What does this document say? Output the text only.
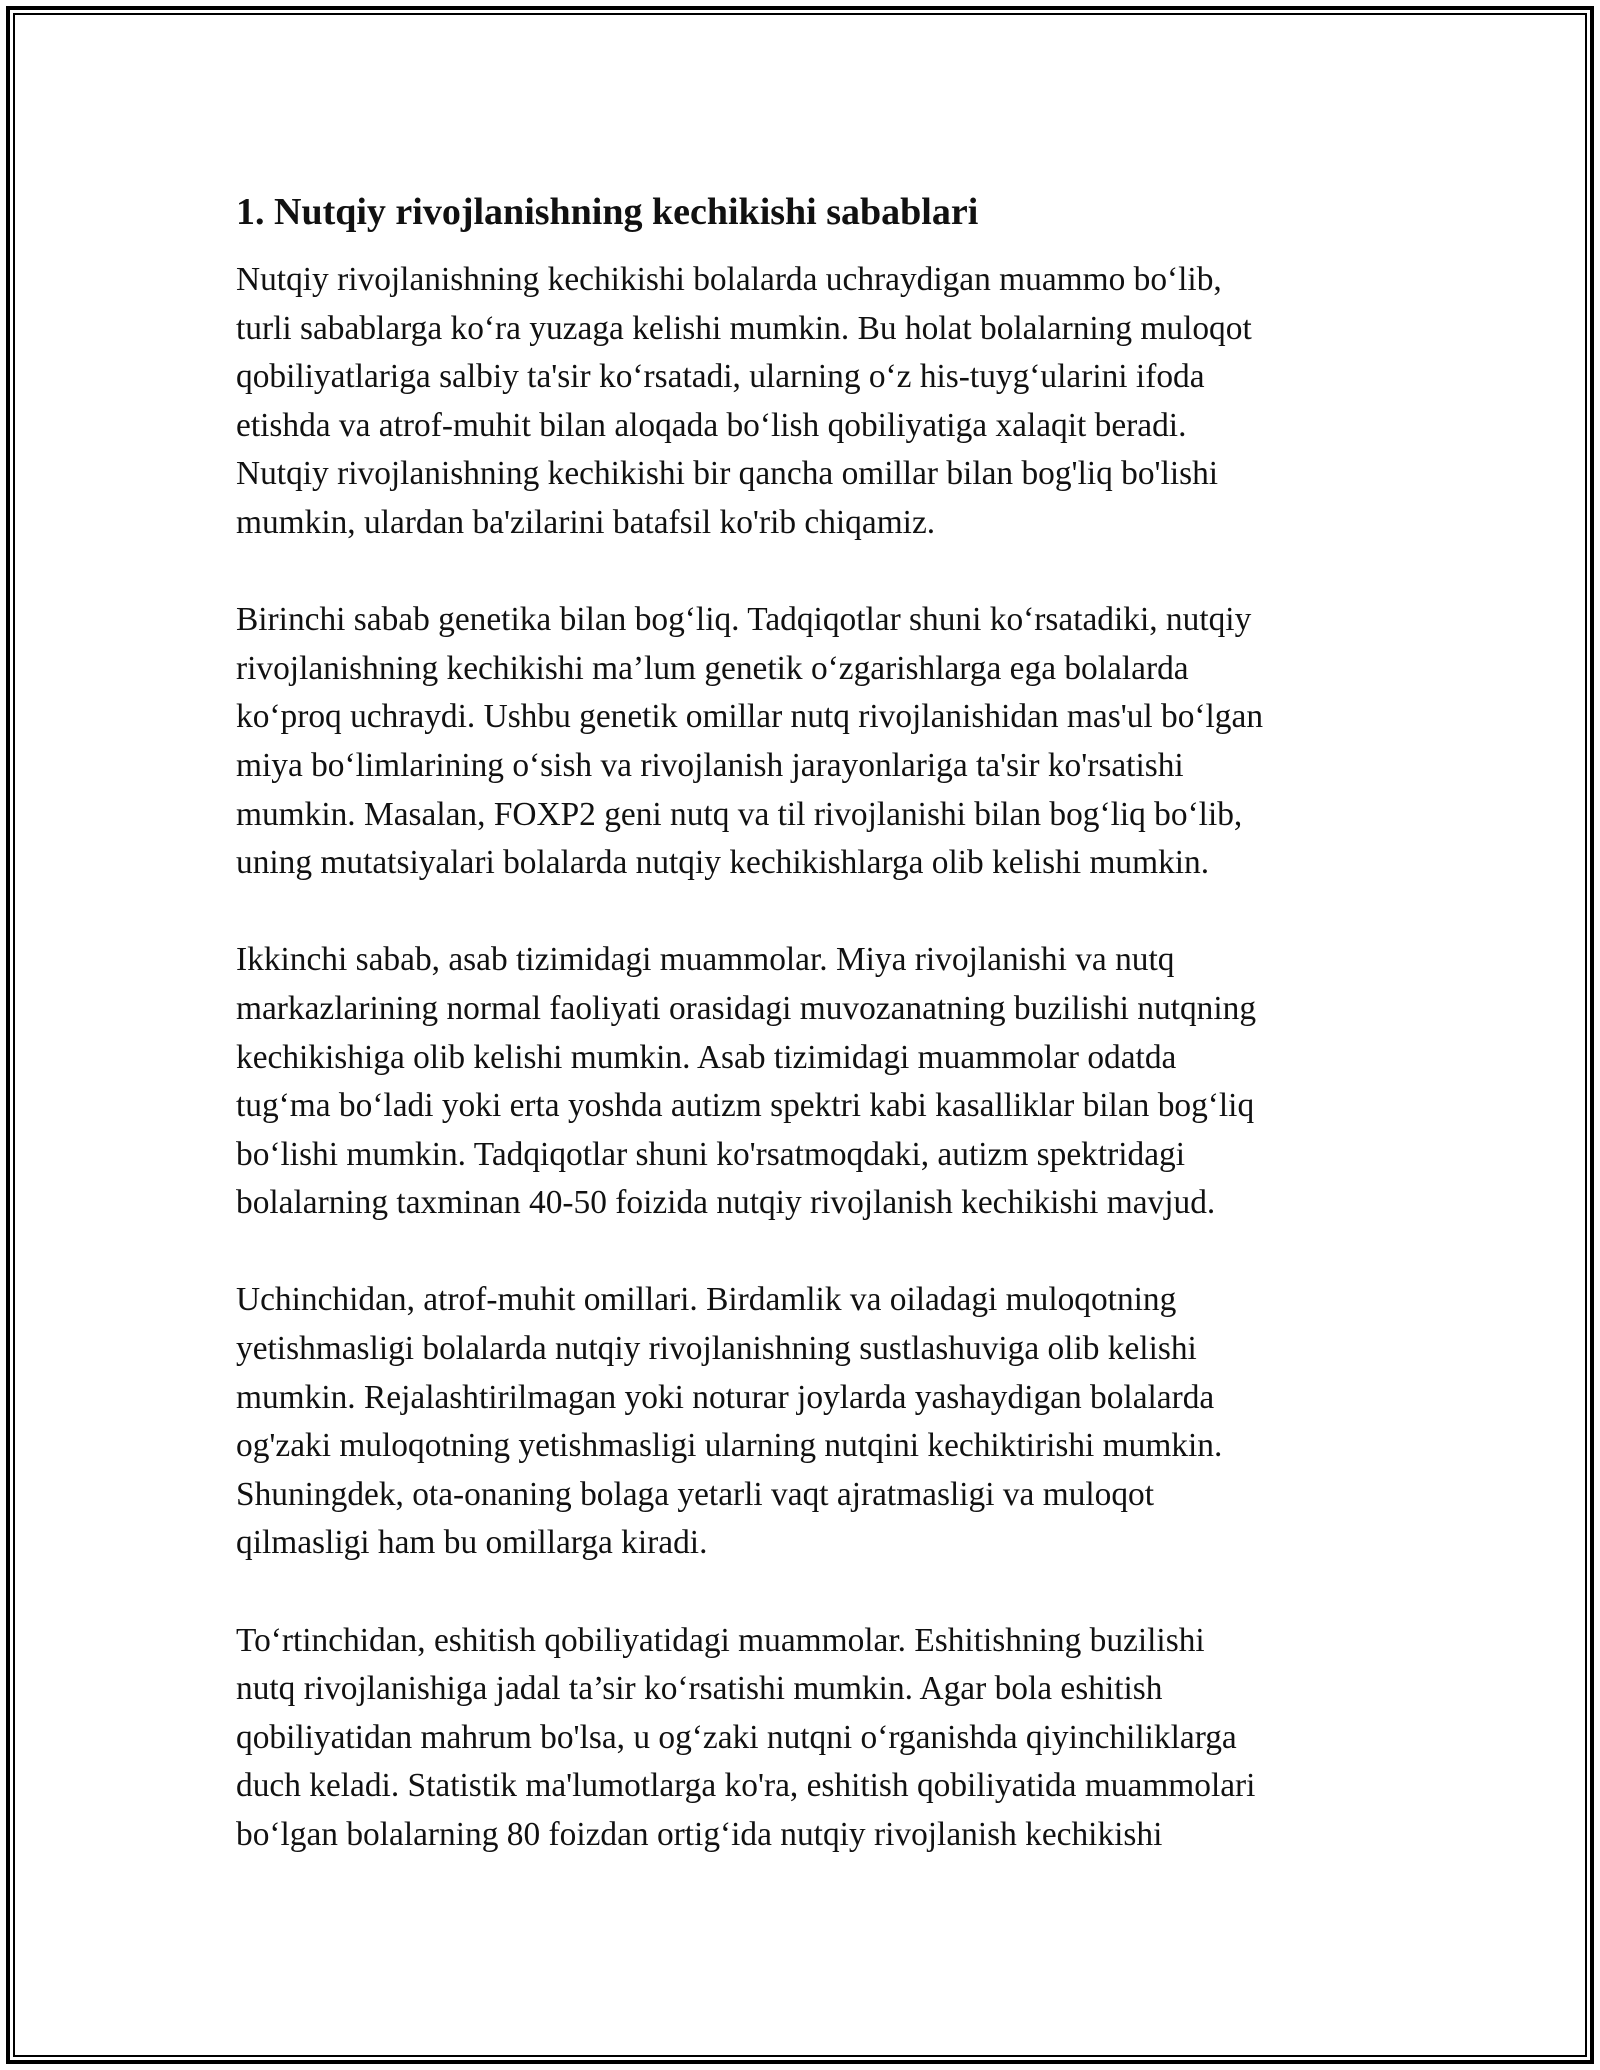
1. Nutqiy rivojlanishning kechikishi sabablari
Nutqiy rivojlanishning kechikishi bolalarda uchraydigan muammo bo‘lib,
turli sabablarga ko‘ra yuzaga kelishi mumkin. Bu holat bolalarning muloqot
qobiliyatlariga salbiy ta'sir ko‘rsatadi, ularning o‘z his-tuyg‘ularini ifoda
etishda va atrof-muhit bilan aloqada bo‘lish qobiliyatiga xalaqit beradi.
Nutqiy rivojlanishning kechikishi bir qancha omillar bilan bog'liq bo'lishi
mumkin, ulardan ba'zilarini batafsil ko'rib chiqamiz.
Birinchi sabab genetika bilan bog‘liq. Tadqiqotlar shuni ko‘rsatadiki, nutqiy
rivojlanishning kechikishi ma’lum genetik o‘zgarishlarga ega bolalarda
ko‘proq uchraydi. Ushbu genetik omillar nutq rivojlanishidan mas'ul bo‘lgan
miya bo‘limlarining o‘sish va rivojlanish jarayonlariga ta'sir ko'rsatishi
mumkin. Masalan, FOXP2 geni nutq va til rivojlanishi bilan bog‘liq bo‘lib,
uning mutatsiyalari bolalarda nutqiy kechikishlarga olib kelishi mumkin.
Ikkinchi sabab, asab tizimidagi muammolar. Miya rivojlanishi va nutq
markazlarining normal faoliyati orasidagi muvozanatning buzilishi nutqning
kechikishiga olib kelishi mumkin. Asab tizimidagi muammolar odatda
tug‘ma bo‘ladi yoki erta yoshda autizm spektri kabi kasalliklar bilan bog‘liq
bo‘lishi mumkin. Tadqiqotlar shuni ko'rsatmoqdaki, autizm spektridagi
bolalarning taxminan 40-50 foizida nutqiy rivojlanish kechikishi mavjud.
Uchinchidan, atrof-muhit omillari. Birdamlik va oiladagi muloqotning
yetishmasligi bolalarda nutqiy rivojlanishning sustlashuviga olib kelishi
mumkin. Rejalashtirilmagan yoki noturar joylarda yashaydigan bolalarda
og'zaki muloqotning yetishmasligi ularning nutqini kechiktirishi mumkin.
Shuningdek, ota-onaning bolaga yetarli vaqt ajratmasligi va muloqot
qilmasligi ham bu omillarga kiradi.
To‘rtinchidan, eshitish qobiliyatidagi muammolar. Eshitishning buzilishi
nutq rivojlanishiga jadal ta’sir ko‘rsatishi mumkin. Agar bola eshitish
qobiliyatidan mahrum bo'lsa, u og‘zaki nutqni o‘rganishda qiyinchiliklarga
duch keladi. Statistik ma'lumotlarga ko'ra, eshitish qobiliyatida muammolari
bo‘lgan bolalarning 80 foizdan ortig‘ida nutqiy rivojlanish kechikishi
